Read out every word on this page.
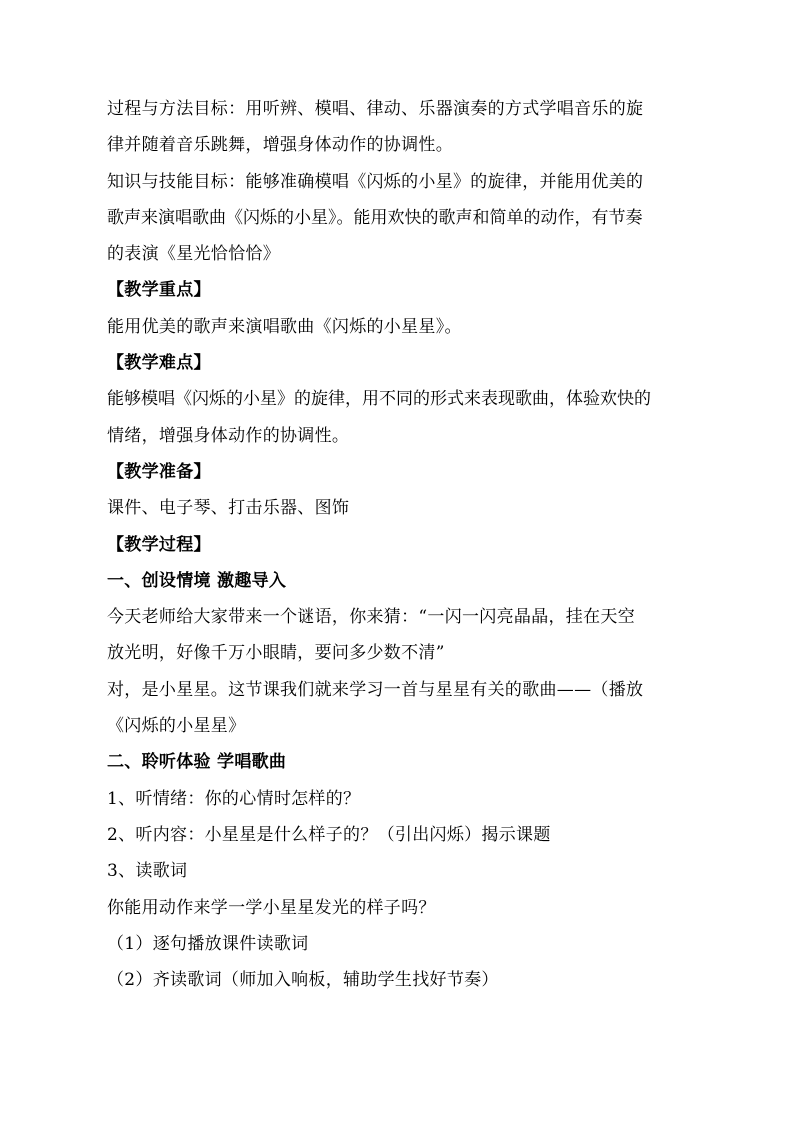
过程与方法目标：用听辨、模唱、律动、乐器演奏的方式学唱音乐的旋
律并随着音乐跳舞，增强身体动作的协调性。
知识与技能目标：能够准确模唱《闪烁的小星》的旋律，并能用优美的
歌声来演唱歌曲《闪烁的小星》。能用欢快的歌声和简单的动作，有节奏
的表演《星光恰恰恰》
【教学重点】
能用优美的歌声来演唱歌曲《闪烁的小星星》。
【教学难点】
能够模唱《闪烁的小星》的旋律，用不同的形式来表现歌曲，体验欢快的
情绪，增强身体动作的协调性。
【教学准备】
课件、电子琴、打击乐器、图饰
【教学过程】
一、创设情境 激趣导入
今天老师给大家带来一个谜语，你来猜：“一闪一闪亮晶晶，挂在天空
放光明，好像千万小眼睛，要问多少数不清”
对，是小星星。这节课我们就来学习一首与星星有关的歌曲——（播放
《闪烁的小星星》
二、聆听体验 学唱歌曲
1、听情绪：你的心情时怎样的？
2、听内容：小星星是什么样子的？（引出闪烁）揭示课题
3、读歌词
你能用动作来学一学小星星发光的样子吗？
（1）逐句播放课件读歌词
（2）齐读歌词（师加入响板，辅助学生找好节奏）
